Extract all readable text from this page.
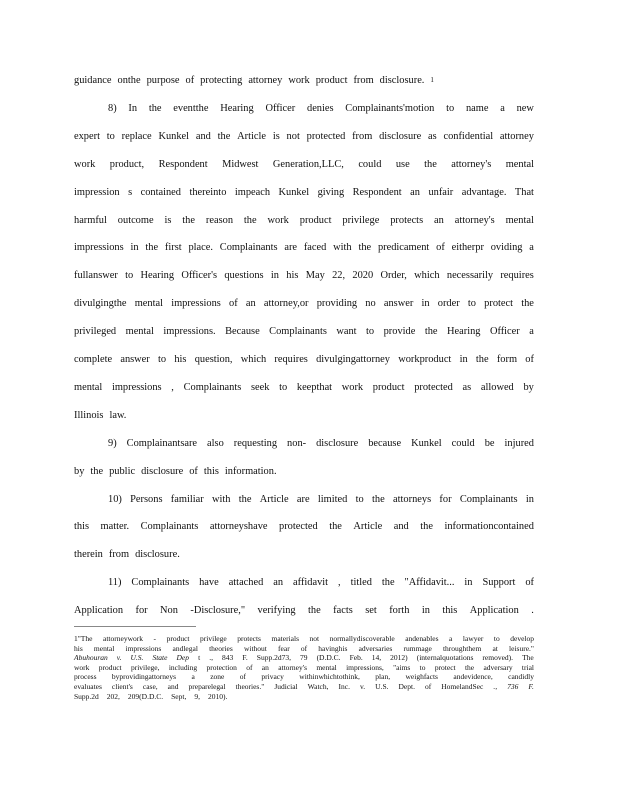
guidance onthe purpose of protecting attorney work product from disclosure. 1
8) In the eventthe Hearing Officer denies Complainants'motion to name a new
expert to replace Kunkel and the Article is not protected from disclosure as confidential attorney
work product, Respondent Midwest Generation,LLC, could use the attorney's mental
impression s contained thereinto impeach Kunkel giving Respondent an unfair advantage. That
harmful outcome is the reason the work product privilege protects an attorney's mental
impressions in the first place. Complainants are faced with the predicament of eitherpr oviding a
fullanswer to Hearing Officer's questions in his May 22, 2020 Order, which necessarily requires
divulgingthe mental impressions of an attorney,or providing no answer in order to protect the
privileged mental impressions. Because Complainants want to provide the Hearing Officer a
complete answer to his question, which requires divulgingattorney workproduct in the form of
mental impressions , Complainants seek to keepthat work product protected as allowed by
Illinois law.
9) Complainantsare also requesting non- disclosure because Kunkel could be injured
by the public disclosure of this information.
10) Persons familiar with the Article are limited to the attorneys for Complainants in
this matter. Complainants attorneyshave protected the Article and the informationcontained
therein from disclosure.
11) Complainants have attached an affidavit , titled the "Affidavit... in Support of
Application for Non -Disclosure," verifying the facts set forth in this Application .
1"The attorneywork - product privilege protects materials not normallydiscoverable andenables a lawyer to develop
his mental impressions andlegal theories without fear of havinghis adversaries rummage throughthem at leisure."
Abuhouran v. U.S. State Dep t ., 843 F. Supp.2d73, 79 (D.D.C. Feb. 14, 2012) (internalquotations removed). The
work product privilege, including protection of an attorney's mental impressions, "aims to protect the adversary trial
process byprovidingattorneys a zone of privacy withinwhichtothink, plan, weighfacts andevidence, candidly
evaluates client's case, and preparelegal theories." Judicial Watch, Inc. v. U.S. Dept. of HomelandSec ., 736 F.
Supp.2d 202, 209(D.D.C. Sept, 9, 2010).
